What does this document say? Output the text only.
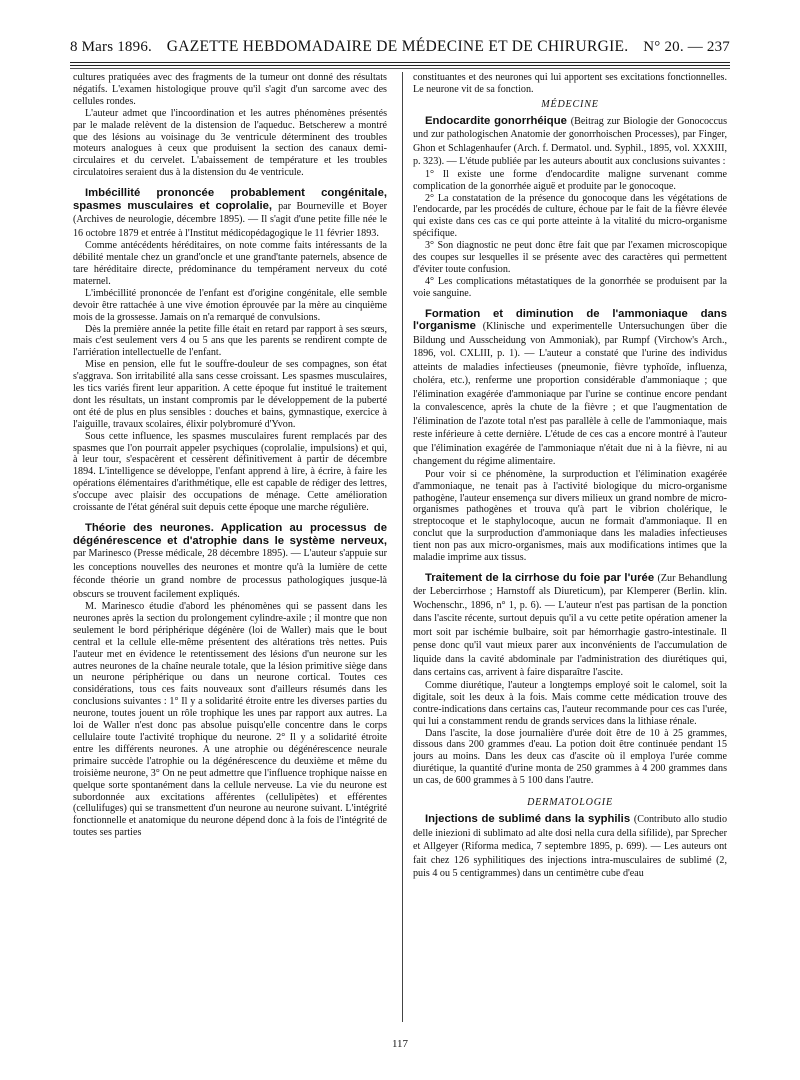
8 Mars 1896. GAZETTE HEBDOMADAIRE DE MÉDECINE ET DE CHIRURGIE. N° 20. — 237

cultures pratiquées avec des fragments de la tumeur ont donné des résultats négatifs. L'examen histologique prouve qu'il s'agit d'un sarcome avec des cellules rondes.

L'auteur admet que l'incoordination et les autres phénomènes présentés par le malade relèvent de la distension de l'aqueduc. Betscherew a montré que des lésions au voisinage du 3e ventricule déterminent des troubles moteurs analogues à ceux que produisent la section des canaux demi-circulaires et du cervelet. L'abaissement de température et les troubles circulatoires seraient dus à la distension du 4e ventricule.

Imbécillité prononcée probablement congénitale, spasmes musculaires et coprolalie, par Bourneville et Boyer (Archives de neurologie, décembre 1895). — Il s'agit d'une petite fille née le 16 octobre 1879 et entrée à l'Institut médicopédagogique le 11 février 1893.

Comme antécédents héréditaires, on note comme faits intéressants de la débilité mentale chez un grand'oncle et une grand'tante paternels, absence de tare héréditaire directe, prédominance du tempérament nerveux du coté maternel.

L'imbécillité prononcée de l'enfant est d'origine congénitale, elle semble devoir être rattachée à une vive émotion éprouvée par la mère au cinquième mois de la grossesse. Jamais on n'a remarqué de convulsions.

Dès la première année la petite fille était en retard par rapport à ses sœurs, mais c'est seulement vers 4 ou 5 ans que les parents se rendirent compte de l'arriération intellectuelle de l'enfant.

Mise en pension, elle fut le souffre-douleur de ses compagnes, son état s'aggrava. Son irritabilité alla sans cesse croissant. Les spasmes musculaires, les tics variés firent leur apparition. A cette époque fut institué le traitement dont les résultats, un instant compromis par le développement de la puberté ont été de plus en plus sensibles : douches et bains, gymnastique, exercice à l'aiguille, travaux scolaires, élixir polybromuré d'Yvon.

Sous cette influence, les spasmes musculaires furent remplacés par des spasmes que l'on pourrait appeler psychiques (coprolalie, impulsions) et qui, à leur tour, s'espacèrent et cessèrent définitivement à partir de décembre 1894. L'intelligence se développe, l'enfant apprend à lire, à écrire, à faire les opérations élémentaires d'arithmétique, elle est capable de rédiger des lettres, s'occupe avec plaisir des occupations de ménage. Cette amélioration croissante de l'état général suit depuis cette époque une marche régulière.

Théorie des neurones. Application au processus de dégénérescence et d'atrophie dans le système nerveux, par Marinesco (Presse médicale, 28 décembre 1895). — L'auteur s'appuie sur les conceptions nouvelles des neurones et montre qu'à la lumière de cette féconde théorie un grand nombre de processus pathologiques jusque-là obscurs se trouvent facilement expliqués.

M. Marinesco étudie d'abord les phénomènes qui se passent dans les neurones après la section du prolongement cylindre-axile ; il montre que non seulement le bord périphérique dégénère (loi de Waller) mais que le bout central et la cellule elle-même présentent des altérations très nettes. Puis l'auteur met en évidence le retentissement des lésions d'un neurone sur les autres neurones de la chaîne neurale totale, que la lésion primitive siège dans un neurone périphérique ou dans un neurone cortical. Toutes ces considérations, tous ces faits nouveaux sont d'ailleurs résumés dans les conclusions suivantes : 1° Il y a solidarité étroite entre les diverses parties du neurone, toutes jouent un rôle trophique les unes par rapport aux autres. La loi de Waller n'est donc pas absolue puisqu'elle concentre dans le corps cellulaire toute l'activité trophique du neurone. 2° Il y a solidarité étroite entre les différents neurones. A une atrophie ou dégénérescence neurale primaire succède l'atrophie ou la dégénérescence du deuxième et même du troisième neurone, 3° On ne peut admettre que l'influence trophique naisse en quelque sorte spontanément dans la cellule nerveuse. La vie du neurone est subordonnée aux excitations afférentes (cellulipètes) et efférentes (cellulifuges) qui se transmettent d'un neurone au neurone suivant. L'intégrité fonctionnelle et anatomique du neurone dépend donc à la fois de l'intégrité de toutes ses parties

constituantes et des neurones qui lui apportent ses excitations fonctionnelles. Le neurone vit de sa fonction.

MÉDECINE

Endocardite gonorrhéique (Beitrag zur Biologie der Gonococcus und zur pathologischen Anatomie der gonorrhoischen Processes), par Finger, Ghon et Schlagenhaufer (Arch. f. Dermatol. und. Syphil., 1895, vol. XXXIII, p. 323). — L'étude publiée par les auteurs aboutit aux conclusions suivantes :

1° Il existe une forme d'endocardite maligne survenant comme complication de la gonorrhée aiguë et produite par le gonocoque.

2° La constatation de la présence du gonocoque dans les végétations de l'endocarde, par les procédés de culture, échoue par le fait de la fièvre élevée qui existe dans ces cas ce qui porte atteinte à la vitalité du micro-organisme spécifique.

3° Son diagnostic ne peut donc être fait que par l'examen microscopique des coupes sur lesquelles il se présente avec des caractères qui permettent d'éviter toute confusion.

4° Les complications métastatiques de la gonorrhée se produisent par la voie sanguine.

Formation et diminution de l'ammoniaque dans l'organisme (Klinische und experimentelle Untersuchungen über die Bildung und Ausscheidung von Ammoniak), par Rumpf (Virchow's Arch., 1896, vol. CXLIII, p. 1). — L'auteur a constaté que l'urine des individus atteints de maladies infectieuses (pneumonie, fièvre typhoïde, influenza, choléra, etc.), renferme une proportion considérable d'ammoniaque ; que l'élimination exagérée d'ammoniaque par l'urine se continue encore pendant la convalescence, après la chute de la fièvre ; et que l'augmentation de l'élimination de l'azote total n'est pas parallèle à celle de l'ammoniaque, mais reste inférieure à cette dernière. L'étude de ces cas a encore montré à l'auteur que l'élimination exagérée de l'ammoniaque n'était due ni à la fièvre, ni au changement du régime alimentaire.

Pour voir si ce phénomène, la surproduction et l'élimination exagérée d'ammoniaque, ne tenait pas à l'activité biologique du micro-organisme pathogène, l'auteur ensemença sur divers milieux un grand nombre de micro-organismes pathogènes et trouva qu'à part le vibrion cholérique, le streptocoque et le staphylocoque, aucun ne formait d'ammoniaque. Il en conclut que la surproduction d'ammoniaque dans les maladies infectieuses tient non pas aux micro-organismes, mais aux modifications intimes que la maladie imprime aux tissus.

Traitement de la cirrhose du foie par l'urée (Zur Behandlung der Lebercirrhose ; Harnstoff als Diureticum), par Klemperer (Berlin. klin. Wochenschr., 1896, n° 1, p. 6). — L'auteur n'est pas partisan de la ponction dans l'ascite récente, surtout depuis qu'il a vu cette petite opération amener la mort soit par ischémie bulbaire, soit par hémorrhagie gastro-intestinale. Il pense donc qu'il vaut mieux parer aux inconvénients de l'accumulation de liquide dans la cavité abdominale par l'administration des diurétiques qui, dans certains cas, arrivent à faire disparaître l'ascite.

Comme diurétique, l'auteur a longtemps employé soit le calomel, soit la digitale, soit les deux à la fois. Mais comme cette médication trouve des contre-indications dans certains cas, l'auteur recommande pour ces cas l'urée, qui lui a constamment rendu de grands services dans la lithiase rénale.

Dans l'ascite, la dose journalière d'urée doit être de 10 à 25 grammes, dissous dans 200 grammes d'eau. La potion doit être continuée pendant 15 jours au moins. Dans les deux cas d'ascite où il employa l'urée comme diurétique, la quantité d'urine monta de 250 grammes à 4 200 grammes dans un cas, de 600 grammes à 5 100 dans l'autre.

DERMATOLOGIE

Injections de sublimé dans la syphilis (Contributo allo studio delle iniezioni di sublimato ad alte dosi nella cura della sifilide), par Sprecher et Allgeyer (Riforma medica, 7 septembre 1895, p. 699). — Les auteurs ont fait chez 126 syphilitiques des injections intra-musculaires de sublimé (2, puis 4 ou 5 centigrammes) dans un centimètre cube d'eau

117
